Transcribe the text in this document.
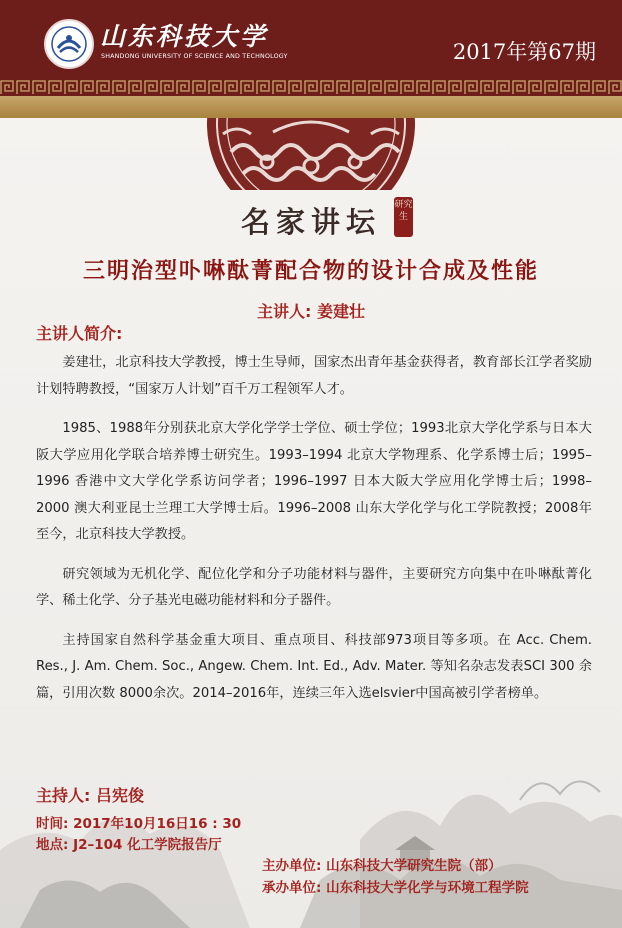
山东科技大学
SHANDONG UNIVERSITY OF SCIENCE AND TECHNOLOGY	2017年第67期
名家讲坛	研究生
三明治型卟啉酞菁配合物的设计合成及性能
主讲人: 姜建壮
主讲人简介:

姜建壮，北京科技大学教授，博士生导师，国家杰出青年基金获得者，教育部长江学者奖励计划特聘教授，“国家万人计划”百千万工程领军人才。

1985、1988年分别获北京大学化学学士学位、硕士学位；1993北京大学化学系与日本大阪大学应用化学联合培养博士研究生。1993–1994 北京大学物理系、化学系博士后；1995–1996 香港中文大学化学系访问学者；1996–1997 日本大阪大学应用化学博士后；1998–2000 澳大利亚昆士兰理工大学博士后。1996–2008 山东大学化学与化工学院教授；2008年至今，北京科技大学教授。

研究领域为无机化学、配位化学和分子功能材料与器件，主要研究方向集中在卟啉酞菁化学、稀土化学、分子基光电磁功能材料和分子器件。

主持国家自然科学基金重大项目、重点项目、科技部973项目等多项。在 Acc. Chem. Res., J. Am. Chem. Soc., Angew. Chem. Int. Ed., Adv. Mater. 等知名杂志发表SCI 300 余篇，引用次数 8000余次。2014–2016年，连续三年入选elsvier中国高被引学者榜单。

主持人: 吕宪俊
时间: 2017年10月16日16 : 30
地点: J2–104 化工学院报告厅
主办单位: 山东科技大学研究生院（部）
承办单位: 山东科技大学化学与环境工程学院
